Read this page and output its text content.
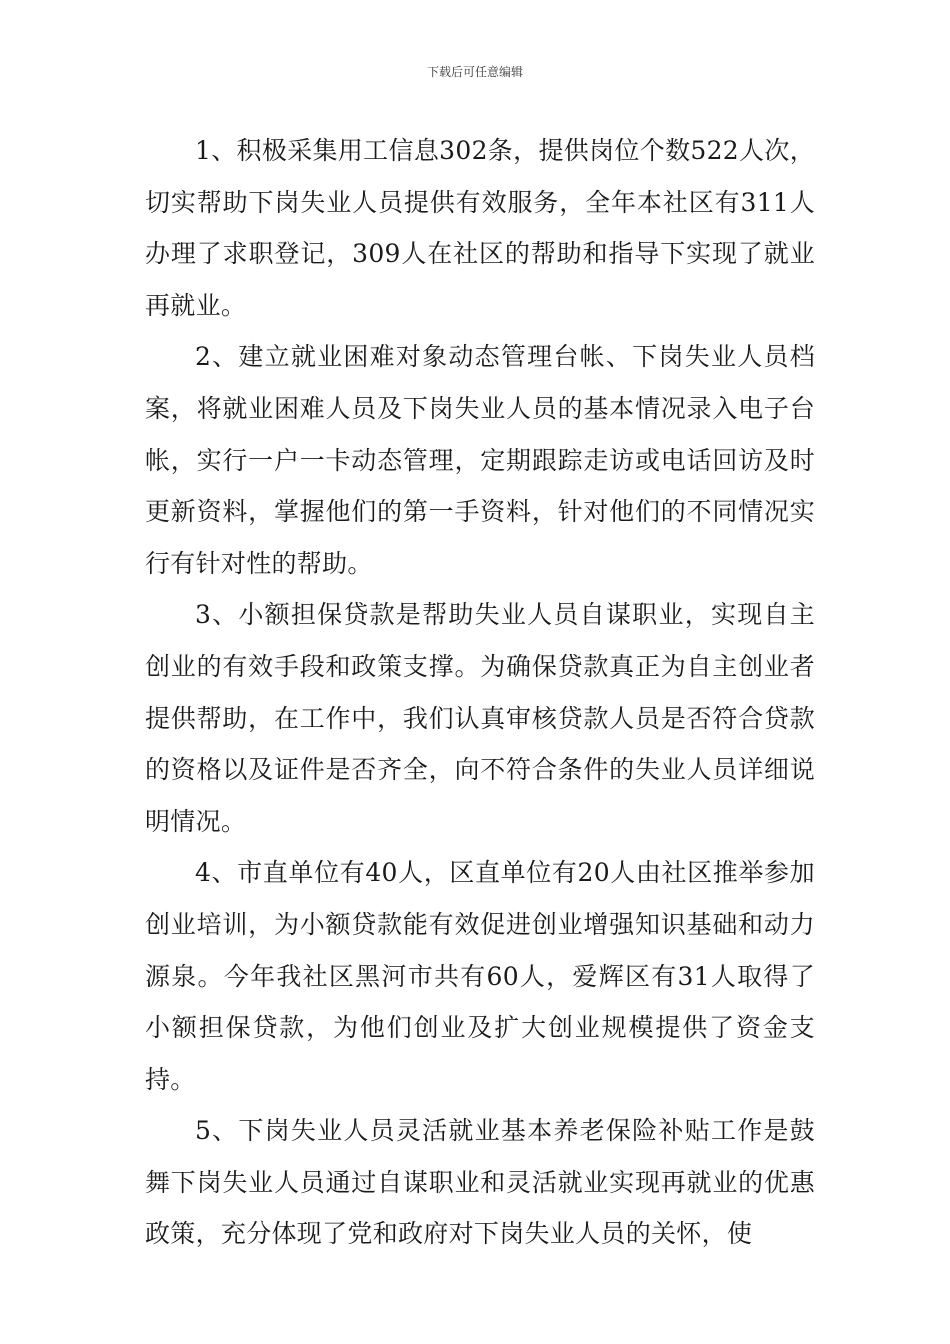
下载后可任意编辑

1、积极采集用工信息302条，提供岗位个数522人次，切实帮助下岗失业人员提供有效服务，全年本社区有311人办理了求职登记，309人在社区的帮助和指导下实现了就业再就业。

2、建立就业困难对象动态管理台帐、下岗失业人员档案，将就业困难人员及下岗失业人员的基本情况录入电子台帐，实行一户一卡动态管理，定期跟踪走访或电话回访及时更新资料，掌握他们的第一手资料，针对他们的不同情况实行有针对性的帮助。

3、小额担保贷款是帮助失业人员自谋职业，实现自主创业的有效手段和政策支撑。为确保贷款真正为自主创业者提供帮助，在工作中，我们认真审核贷款人员是否符合贷款的资格以及证件是否齐全，向不符合条件的失业人员详细说明情况。

4、市直单位有40人，区直单位有20人由社区推举参加创业培训，为小额贷款能有效促进创业增强知识基础和动力源泉。今年我社区黑河市共有60人，爱辉区有31人取得了小额担保贷款，为他们创业及扩大创业规模提供了资金支持。

5、下岗失业人员灵活就业基本养老保险补贴工作是鼓舞下岗失业人员通过自谋职业和灵活就业实现再就业的优惠政策，充分体现了党和政府对下岗失业人员的关怀，使
